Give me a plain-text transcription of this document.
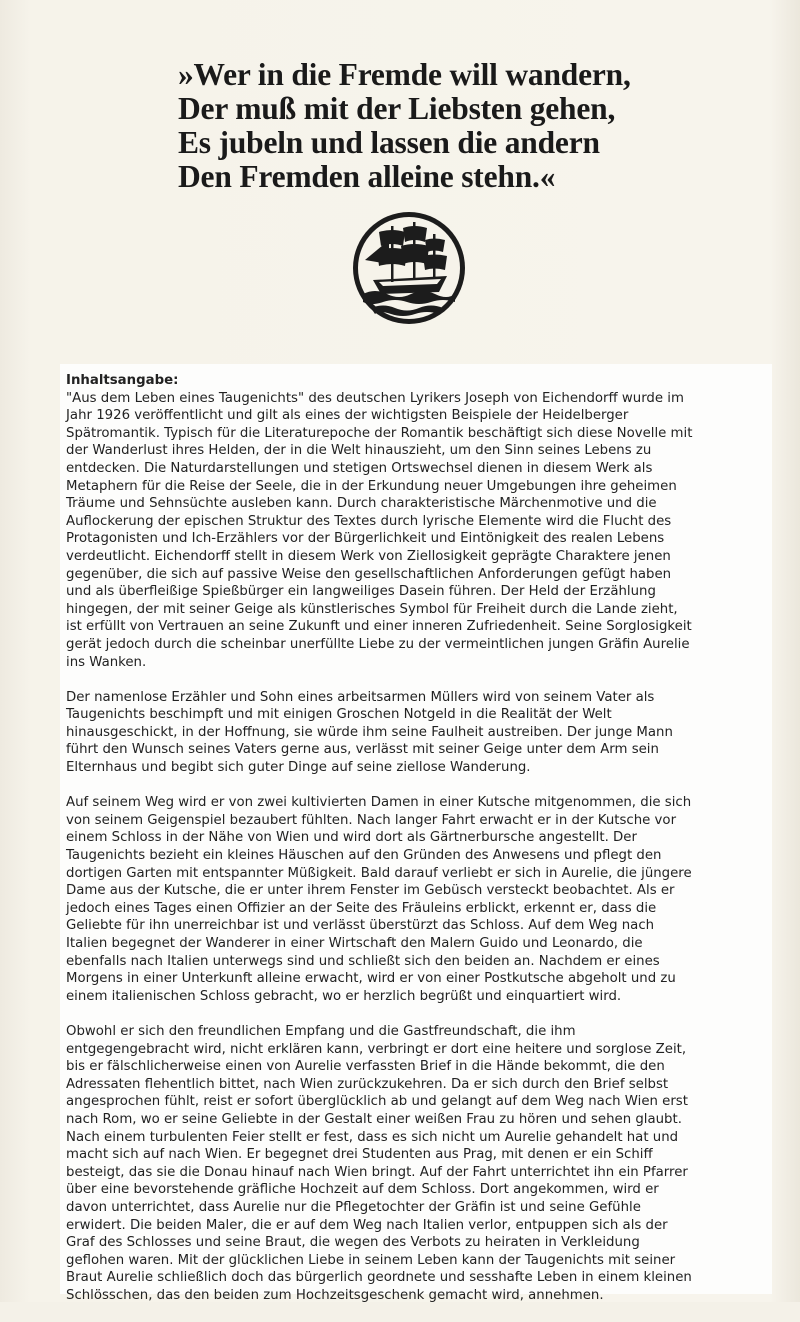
»Wer in die Fremde will wandern,
Der muß mit der Liebsten gehen,
Es jubeln und lassen die andern
Den Fremden alleine stehn.«
Inhaltsangabe:
"Aus dem Leben eines Taugenichts" des deutschen Lyrikers Joseph von Eichendorff wurde im
Jahr 1926 veröffentlicht und gilt als eines der wichtigsten Beispiele der Heidelberger
Spätromantik. Typisch für die Literaturepoche der Romantik beschäftigt sich diese Novelle mit
der Wanderlust ihres Helden, der in die Welt hinauszieht, um den Sinn seines Lebens zu
entdecken. Die Naturdarstellungen und stetigen Ortswechsel dienen in diesem Werk als
Metaphern für die Reise der Seele, die in der Erkundung neuer Umgebungen ihre geheimen
Träume und Sehnsüchte ausleben kann. Durch charakteristische Märchenmotive und die
Auflockerung der epischen Struktur des Textes durch lyrische Elemente wird die Flucht des
Protagonisten und Ich-Erzählers vor der Bürgerlichkeit und Eintönigkeit des realen Lebens
verdeutlicht. Eichendorff stellt in diesem Werk von Ziellosigkeit geprägte Charaktere jenen
gegenüber, die sich auf passive Weise den gesellschaftlichen Anforderungen gefügt haben
und als überfleißige Spießbürger ein langweiliges Dasein führen. Der Held der Erzählung
hingegen, der mit seiner Geige als künstlerisches Symbol für Freiheit durch die Lande zieht,
ist erfüllt von Vertrauen an seine Zukunft und einer inneren Zufriedenheit. Seine Sorglosigkeit
gerät jedoch durch die scheinbar unerfüllte Liebe zu der vermeintlichen jungen Gräfin Aurelie
ins Wanken.
Der namenlose Erzähler und Sohn eines arbeitsarmen Müllers wird von seinem Vater als
Taugenichts beschimpft und mit einigen Groschen Notgeld in die Realität der Welt
hinausgeschickt, in der Hoffnung, sie würde ihm seine Faulheit austreiben. Der junge Mann
führt den Wunsch seines Vaters gerne aus, verlässt mit seiner Geige unter dem Arm sein
Elternhaus und begibt sich guter Dinge auf seine ziellose Wanderung.
Auf seinem Weg wird er von zwei kultivierten Damen in einer Kutsche mitgenommen, die sich
von seinem Geigenspiel bezaubert fühlten. Nach langer Fahrt erwacht er in der Kutsche vor
einem Schloss in der Nähe von Wien und wird dort als Gärtnerbursche angestellt. Der
Taugenichts bezieht ein kleines Häuschen auf den Gründen des Anwesens und pflegt den
dortigen Garten mit entspannter Müßigkeit. Bald darauf verliebt er sich in Aurelie, die jüngere
Dame aus der Kutsche, die er unter ihrem Fenster im Gebüsch versteckt beobachtet. Als er
jedoch eines Tages einen Offizier an der Seite des Fräuleins erblickt, erkennt er, dass die
Geliebte für ihn unerreichbar ist und verlässt überstürzt das Schloss. Auf dem Weg nach
Italien begegnet der Wanderer in einer Wirtschaft den Malern Guido und Leonardo, die
ebenfalls nach Italien unterwegs sind und schließt sich den beiden an. Nachdem er eines
Morgens in einer Unterkunft alleine erwacht, wird er von einer Postkutsche abgeholt und zu
einem italienischen Schloss gebracht, wo er herzlich begrüßt und einquartiert wird.
Obwohl er sich den freundlichen Empfang und die Gastfreundschaft, die ihm
entgegengebracht wird, nicht erklären kann, verbringt er dort eine heitere und sorglose Zeit,
bis er fälschlicherweise einen von Aurelie verfassten Brief in die Hände bekommt, die den
Adressaten flehentlich bittet, nach Wien zurückzukehren. Da er sich durch den Brief selbst
angesprochen fühlt, reist er sofort überglücklich ab und gelangt auf dem Weg nach Wien erst
nach Rom, wo er seine Geliebte in der Gestalt einer weißen Frau zu hören und sehen glaubt.
Nach einem turbulenten Feier stellt er fest, dass es sich nicht um Aurelie gehandelt hat und
macht sich auf nach Wien. Er begegnet drei Studenten aus Prag, mit denen er ein Schiff
besteigt, das sie die Donau hinauf nach Wien bringt. Auf der Fahrt unterrichtet ihn ein Pfarrer
über eine bevorstehende gräfliche Hochzeit auf dem Schloss. Dort angekommen, wird er
davon unterrichtet, dass Aurelie nur die Pflegetochter der Gräfin ist und seine Gefühle
erwidert. Die beiden Maler, die er auf dem Weg nach Italien verlor, entpuppen sich als der
Graf des Schlosses und seine Braut, die wegen des Verbots zu heiraten in Verkleidung
geflohen waren. Mit der glücklichen Liebe in seinem Leben kann der Taugenichts mit seiner
Braut Aurelie schließlich doch das bürgerlich geordnete und sesshafte Leben in einem kleinen
Schlösschen, das den beiden zum Hochzeitsgeschenk gemacht wird, annehmen.
